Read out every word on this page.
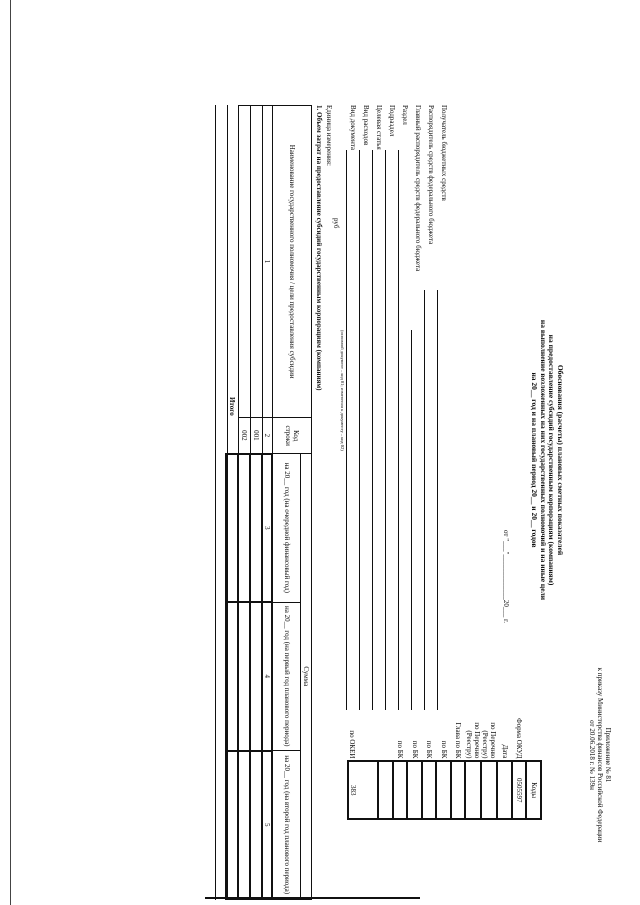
Приложение № 81
к приказу Министерства финансов Российской Федерации
от 20.06.2018 г. № 139н
Обоснования (расчеты) плановых сметных показателей
на предоставление субсидий государственным корпорациям (компаниям)
на выполнение возложенных на них государственных полномочий и на иные цели
на 20__ год и на плановый период 20__ и 20__ годов
от "___"_____________20___ г.
	Коды
Форма ОКУД	0505597
Дата	
по Перечню (Реестру)	
по Перечню (Реестру)	
Глава по БК	
по БК	
по БК	
по БК	
по БК	

по ОКЕИ	383
Получатель бюджетных средств
Распорядитель средств федерального бюджета
Главный распорядитель средств федерального бюджета
Раздел
Подраздел
Целевая статья
Вид расходов
Вид документа
(основной документ – код 01; изменения к документу – код 02)
Единица измерения:
руб
1. Объем затрат на предоставление субсидий государственным корпорациям (компаниям)
Наименование государственного полномочия / цели предоставления субсидии	Код строки	Сумма		
		на 20__ год (на очередной финансовый год)	на 20__ год (на первый год планового периода)	на 20__ год (на второй год планового периода)
1	2	3	4	5
	001			
	002			
Итого				
